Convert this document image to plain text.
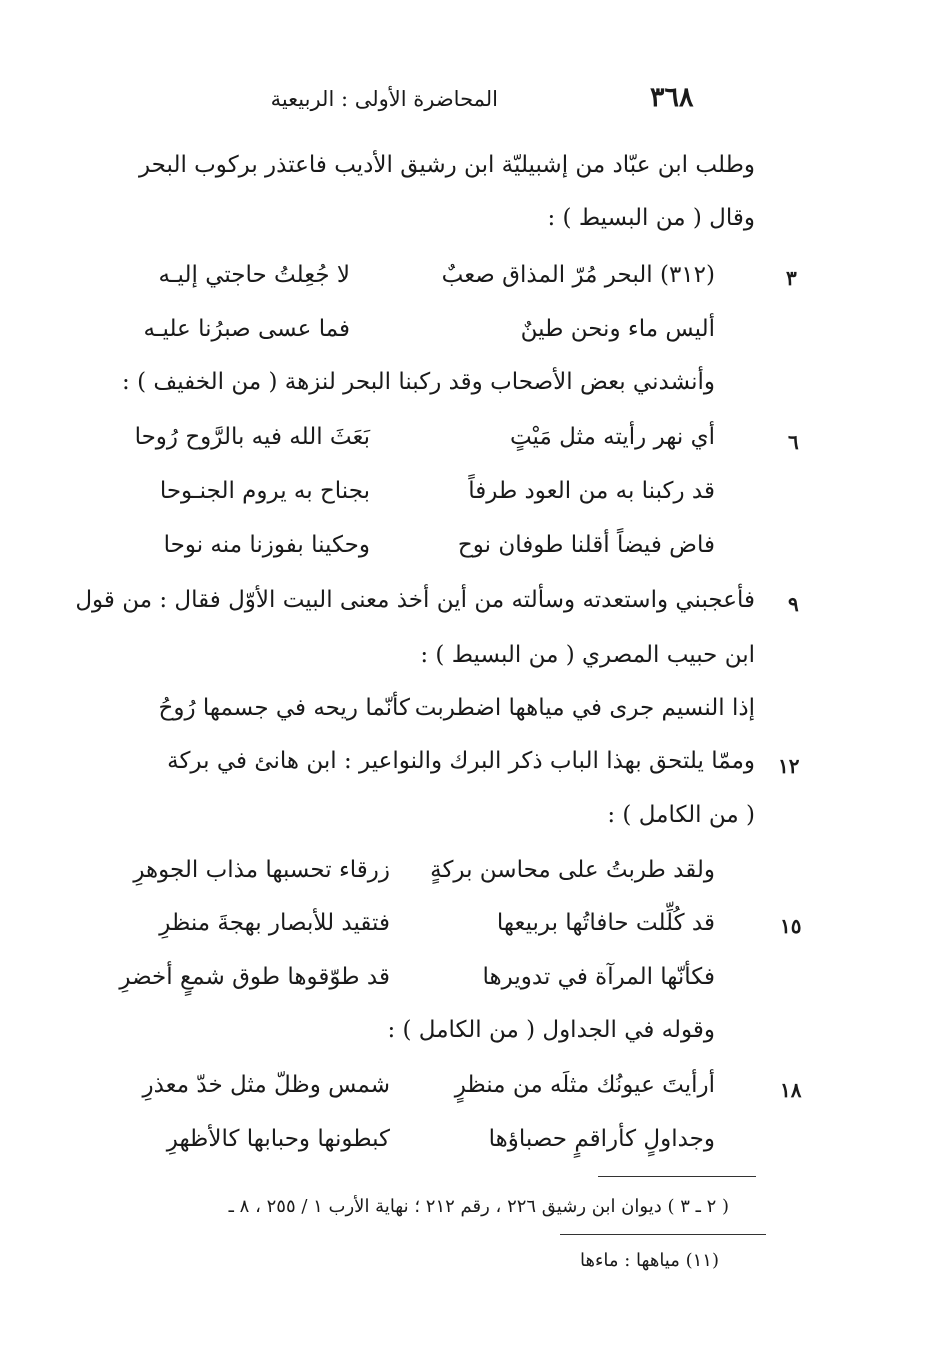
٣٦٨
المحاضرة الأولى : الربيعية
وطلب ابن عبّاد من إشبيليّة ابن رشيق الأديب فاعتذر بركوب البحر
وقال ( من البسيط ) :
٣
(٣١٢) البحر مُرّ المذاق صعبٌ
لا جُعِلتُ حاجتي إليـه
أليس ماء ونحن طينٌ
فما عسى صبرُنا عليـه
وأنشدني بعض الأصحاب وقد ركبنا البحر لنزهة ( من الخفيف ) :
٦
أي نهر رأيته مثل مَيْتٍ
بَعَثَ الله فيه بالرَّوح رُوحا
قد ركبنا به من العود طرفاً
بجناح به يروم الجنـوحا
فاض فيضاً أقلنا طوفان نوح
وحكينا بفوزنا منه نوحا
٩
فأعجبني واستعدته وسألته من أين أخذ معنى البيت الأوّل فقال : من قول
ابن حبيب المصري ( من البسيط ) :
إذا النسيم جرى في مياهها اضطربت
كأنّما ريحه في جسمها رُوحُ
١٢
وممّا يلتحق بهذا الباب ذكر البرك والنواعير : ابن هانئ في بركة
( من الكامل ) :
ولقد طربتُ على محاسن بركةٍ
زرقاء تحسبها مذاب الجوهرِ
١٥
قد كُلِّلت حافاتُها بربيعها
فتقيد للأبصار بهجةَ منظرِ
فكأنّها المرآة في تدويرها
قد طوّقوها طوق شمعٍ أخضرِ
وقوله في الجداول ( من الكامل ) :
١٨
أرأيتَ عيونُك مثلَه من منظرٍ
شمس وظلّ مثل خدّ معذرِ
وجداولٍ كأراقمٍ حصباؤها
كبطونها وحبابها كالأظهرِ
( ٢ ـ ٣ ) ديوان ابن رشيق ٢٢٦ ، رقم ٢١٢ ؛ نهاية الأرب ١ / ٢٥٥ ، ٨ ـ
(١١) مياهها : ماءها
